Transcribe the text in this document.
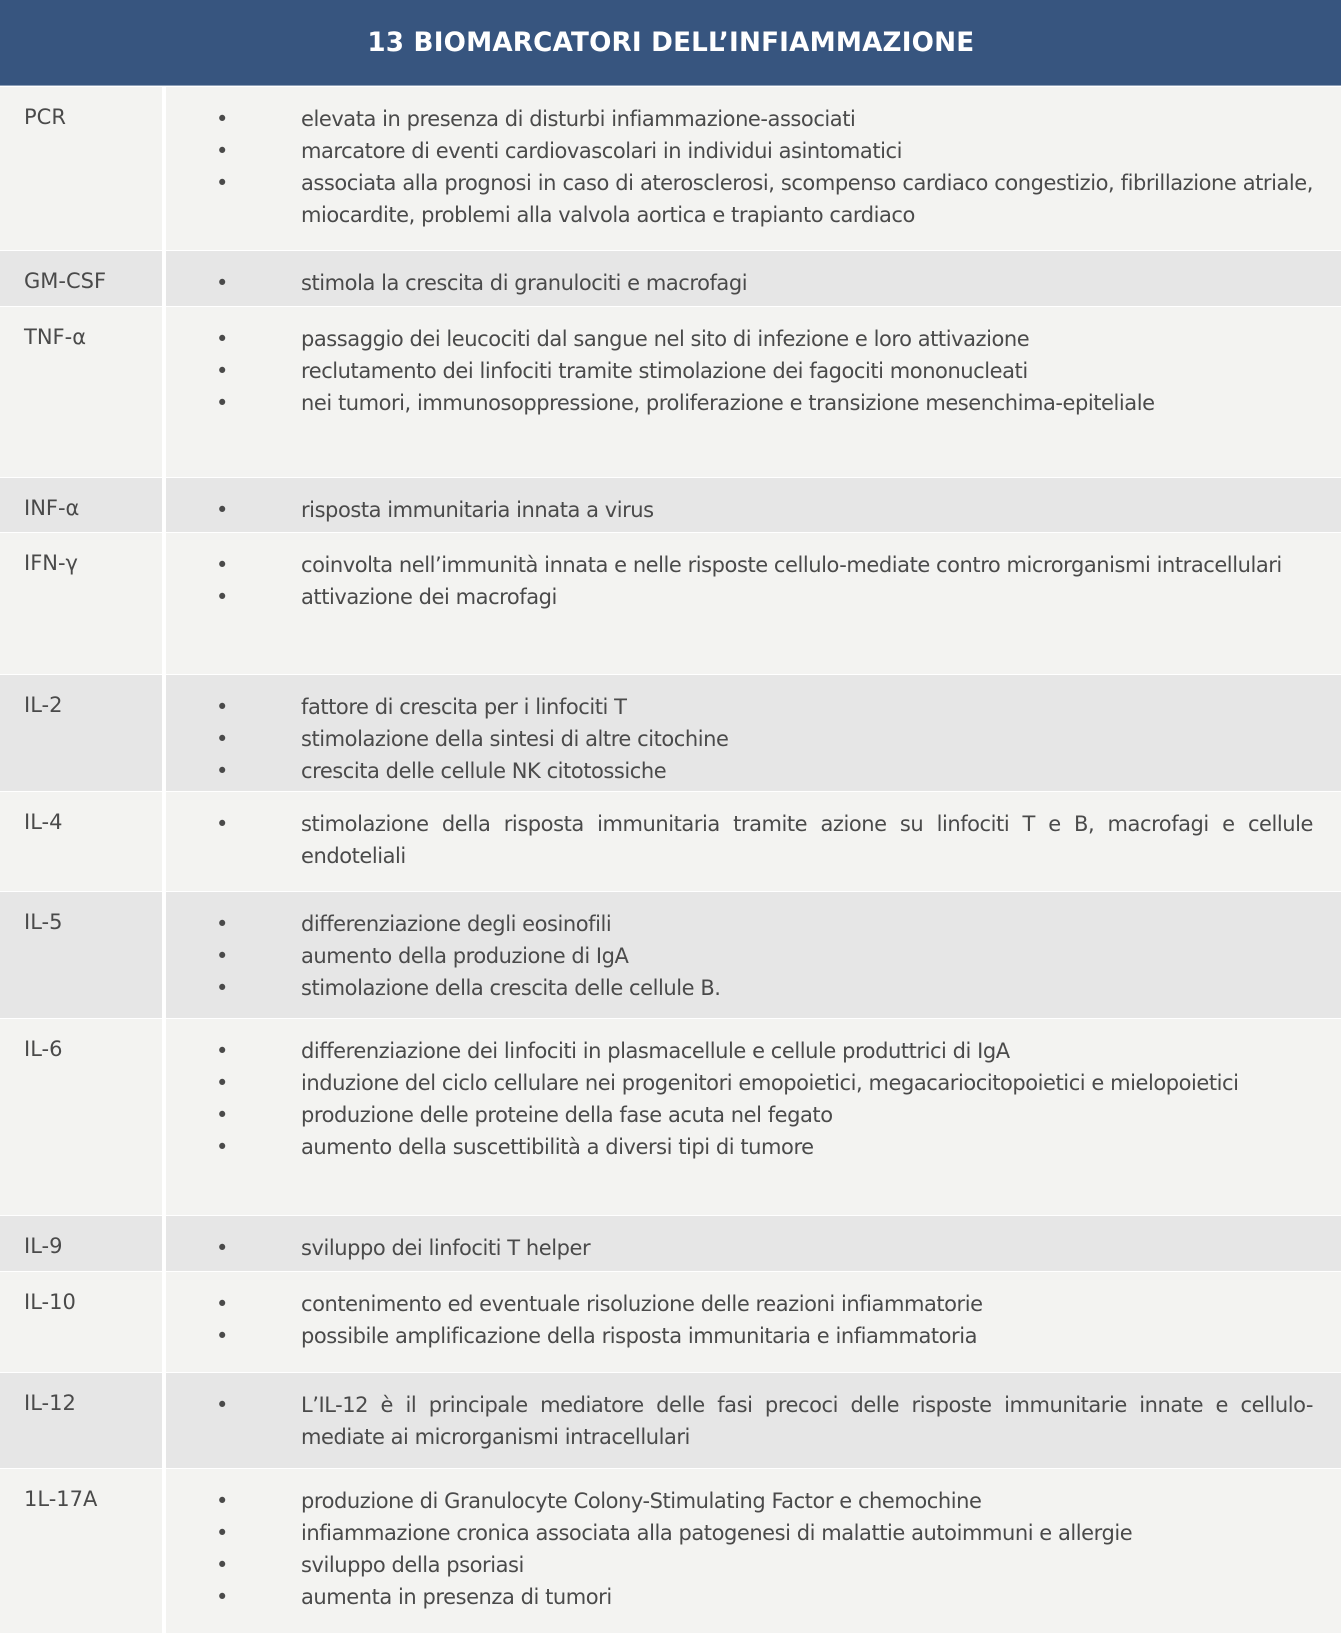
13 BIOMARCATORI DELL’INFIAMMAZIONE
PCR	•	elevata in presenza di disturbi infiammazione-associati
•	marcatore di eventi cardiovascolari in individui asintomatici
•	associata alla prognosi in caso di aterosclerosi, scompenso cardiaco congestizio, fibrillazione atriale, miocardite, problemi alla valvola aortica e trapianto cardiaco
GM-CSF	•	stimola la crescita di granulociti e macrofagi
TNF-α	•	passaggio dei leucociti dal sangue nel sito di infezione e loro attivazione
•	reclutamento dei linfociti tramite stimolazione dei fagociti mononucleati
•	nei tumori, immunosoppressione, proliferazione e transizione mesenchima-epiteliale
INF-α	•	risposta immunitaria innata a virus
IFN-γ	•	coinvolta nell’immunità innata e nelle risposte cellulo-mediate contro microrganismi intracellulari
•	attivazione dei macrofagi
IL-2	•	fattore di crescita per i linfociti T
•	stimolazione della sintesi di altre citochine
•	crescita delle cellule NK citotossiche
IL-4	•	stimolazione della risposta immunitaria tramite azione su linfociti T e B, macrofagi e cellule endoteliali
IL-5	•	differenziazione degli eosinofili
•	aumento della produzione di IgA
•	stimolazione della crescita delle cellule B.
IL-6	•	differenziazione dei linfociti in plasmacellule e cellule produttrici di IgA
•	induzione del ciclo cellulare nei progenitori emopoietici, megacariocitopoietici e mielopoietici
•	produzione delle proteine della fase acuta nel fegato
•	aumento della suscettibilità a diversi tipi di tumore
IL-9	•	sviluppo dei linfociti T helper
IL-10	•	contenimento ed eventuale risoluzione delle reazioni infiammatorie
•	possibile amplificazione della risposta immunitaria e infiammatoria
IL-12	•	L’IL-12 è il principale mediatore delle fasi precoci delle risposte immunitarie innate e cellulo-mediate ai microrganismi intracellulari
1L-17A	•	produzione di Granulocyte Colony-Stimulating Factor e chemochine
•	infiammazione cronica associata alla patogenesi di malattie autoimmuni e allergie
•	sviluppo della psoriasi
•	aumenta in presenza di tumori
